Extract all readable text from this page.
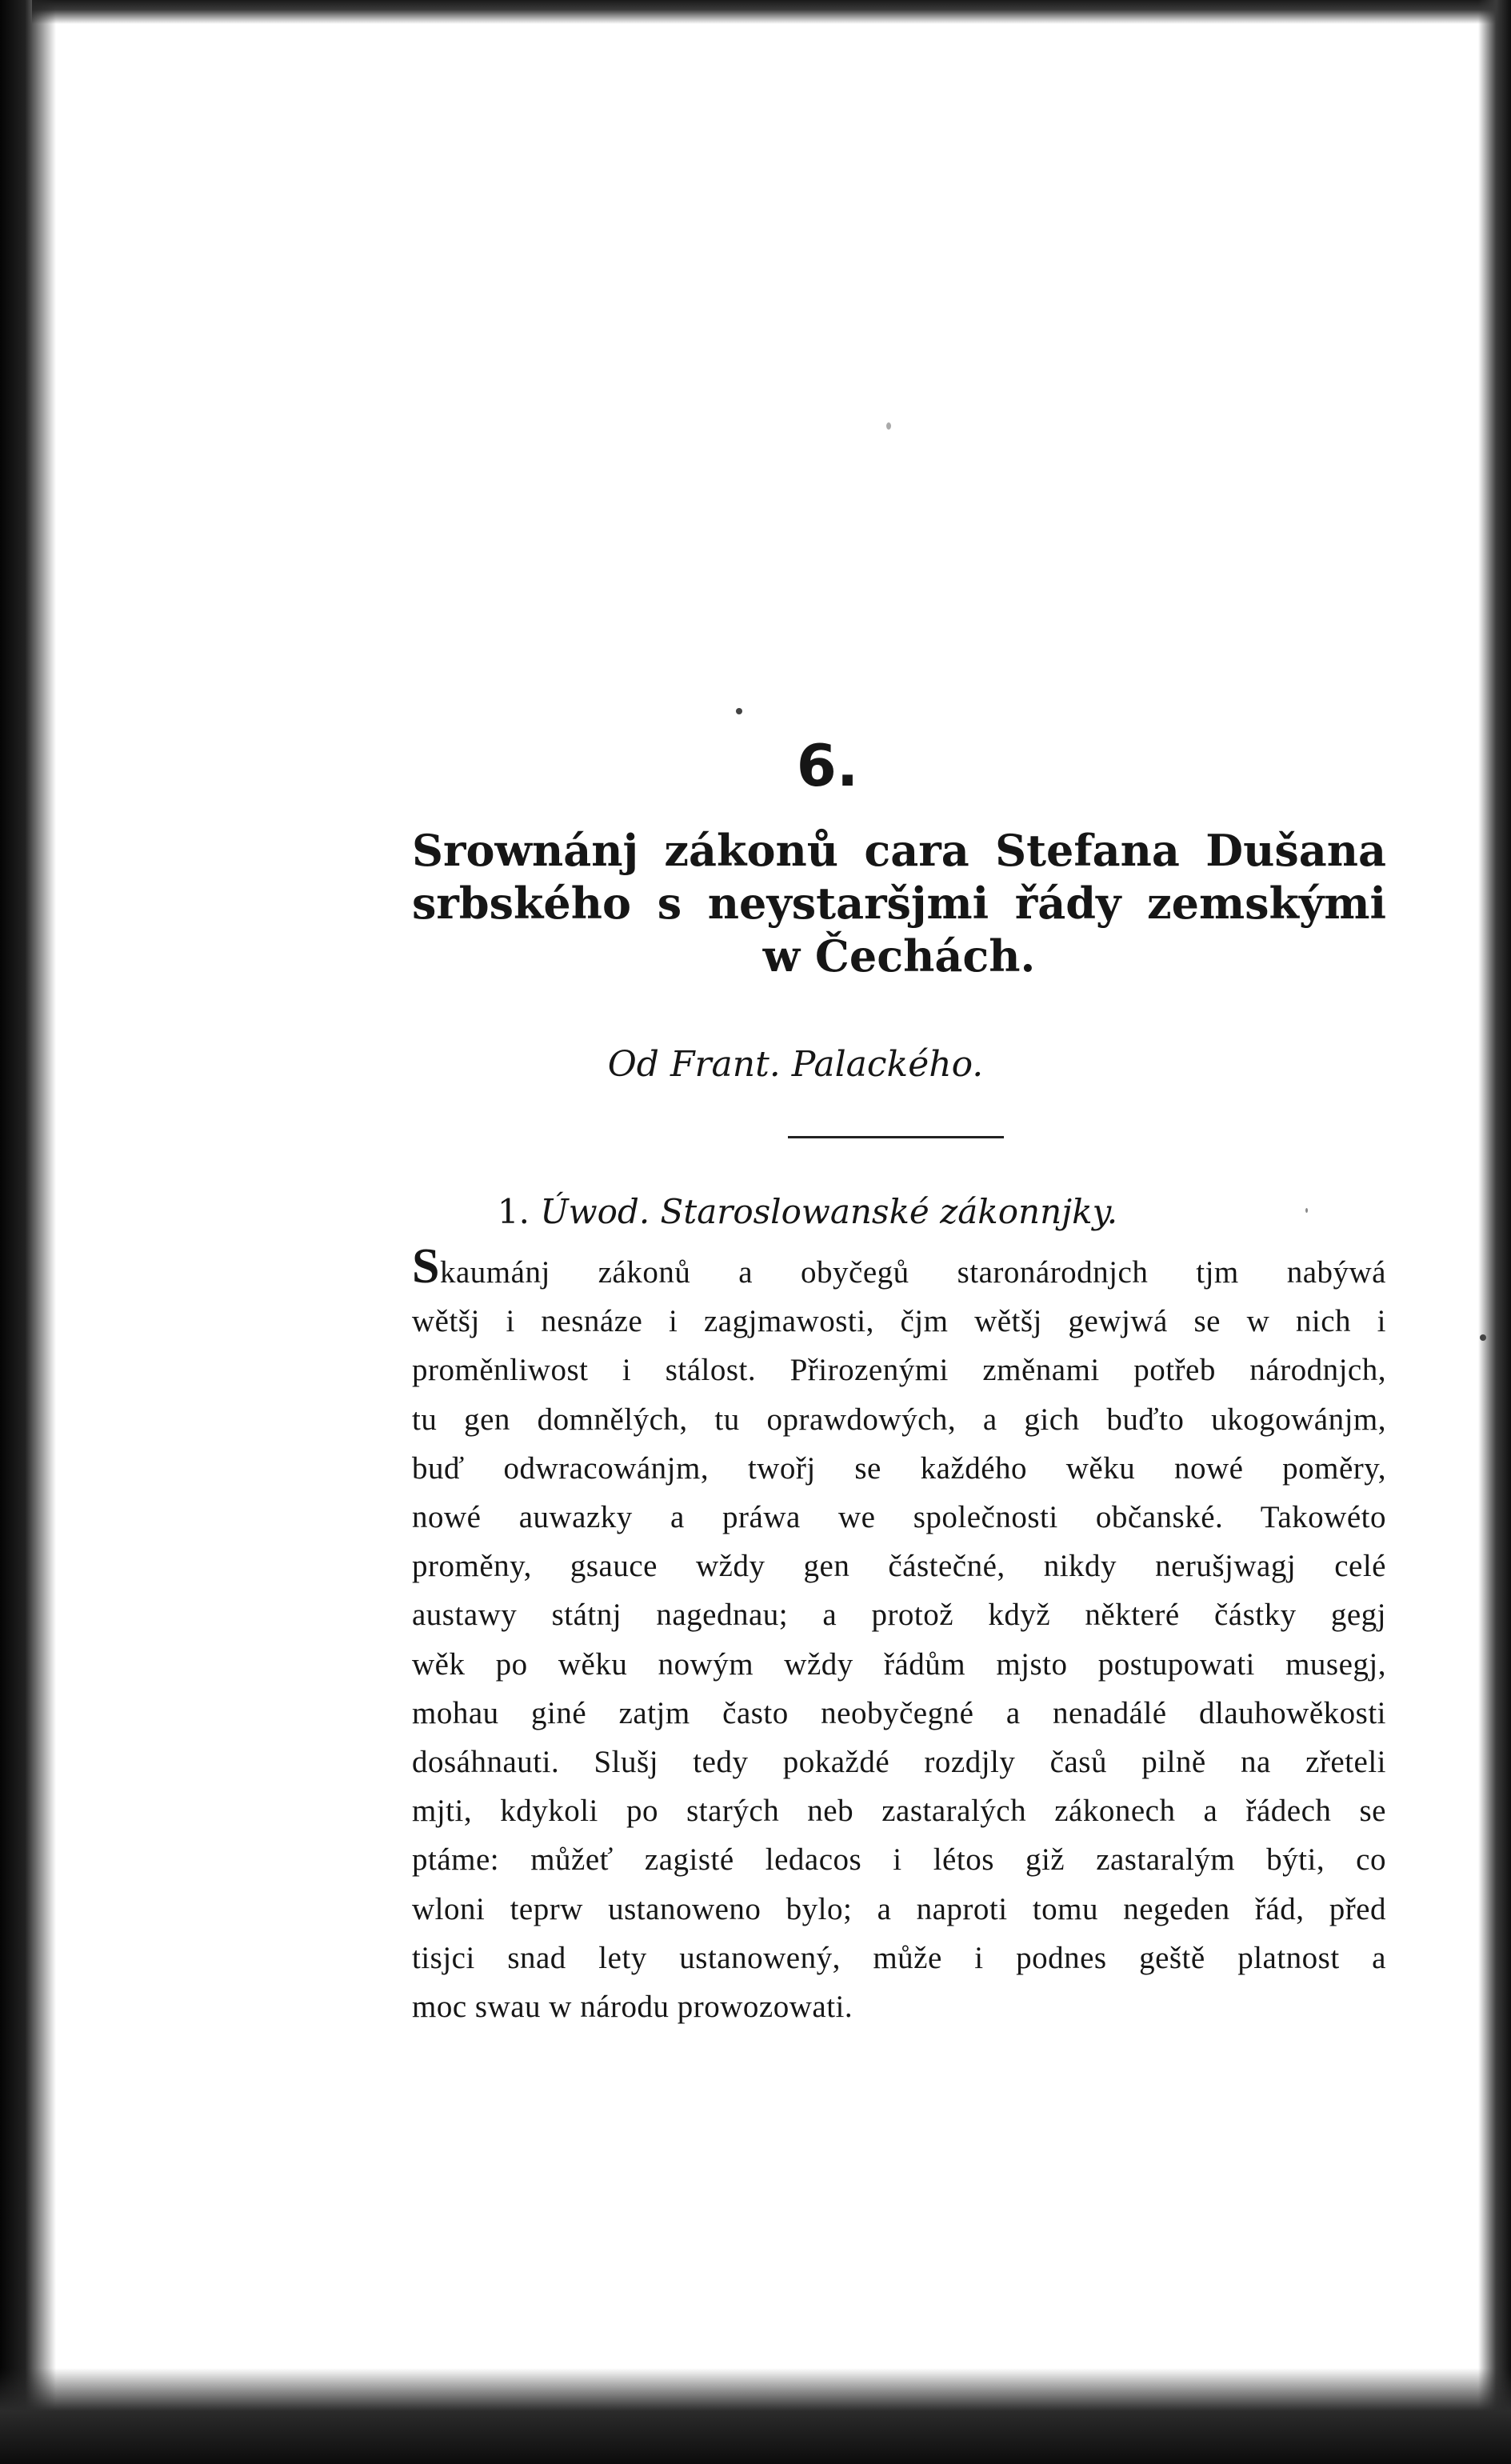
6.
Srownánj zákonů cara Stefana Dušana
srbského s neystaršjmi řády zemskými
w Čechách.
Od Frant. Palackého.
1. Úwod. Staroslowanské zákonnjky.
Skaumánj zákonů a obyčegů staronárodnjch tjm nabýwá
wětšj i nesnáze i zagjmawosti, čjm wětšj gewjwá se w nich i
proměnliwost i stálost. Přirozenými změnami potřeb národnjch,
tu gen domnělých, tu oprawdowých, a gich buďto ukogowánjm,
buď odwracowánjm, twořj se každého wěku nowé poměry,
nowé auwazky a práwa we společnosti občanské. Takowéto
proměny, gsauce wždy gen částečné, nikdy nerušjwagj celé
austawy státnj nagednau; a protož když některé částky gegj
wěk po wěku nowým wždy řádům mjsto postupowati musegj,
mohau giné zatjm často neobyčegné a nenadálé dlauhowěkosti
dosáhnauti. Slušj tedy pokaždé rozdjly časů pilně na zřeteli
mjti, kdykoli po starých neb zastaralých zákonech a řádech se
ptáme: můžeť zagisté ledacos i létos giž zastaralým býti, co
wloni teprw ustanoweno bylo; a naproti tomu negeden řád, před
tisjci snad lety ustanowený, může i podnes geště platnost a
moc swau w národu prowozowati.
